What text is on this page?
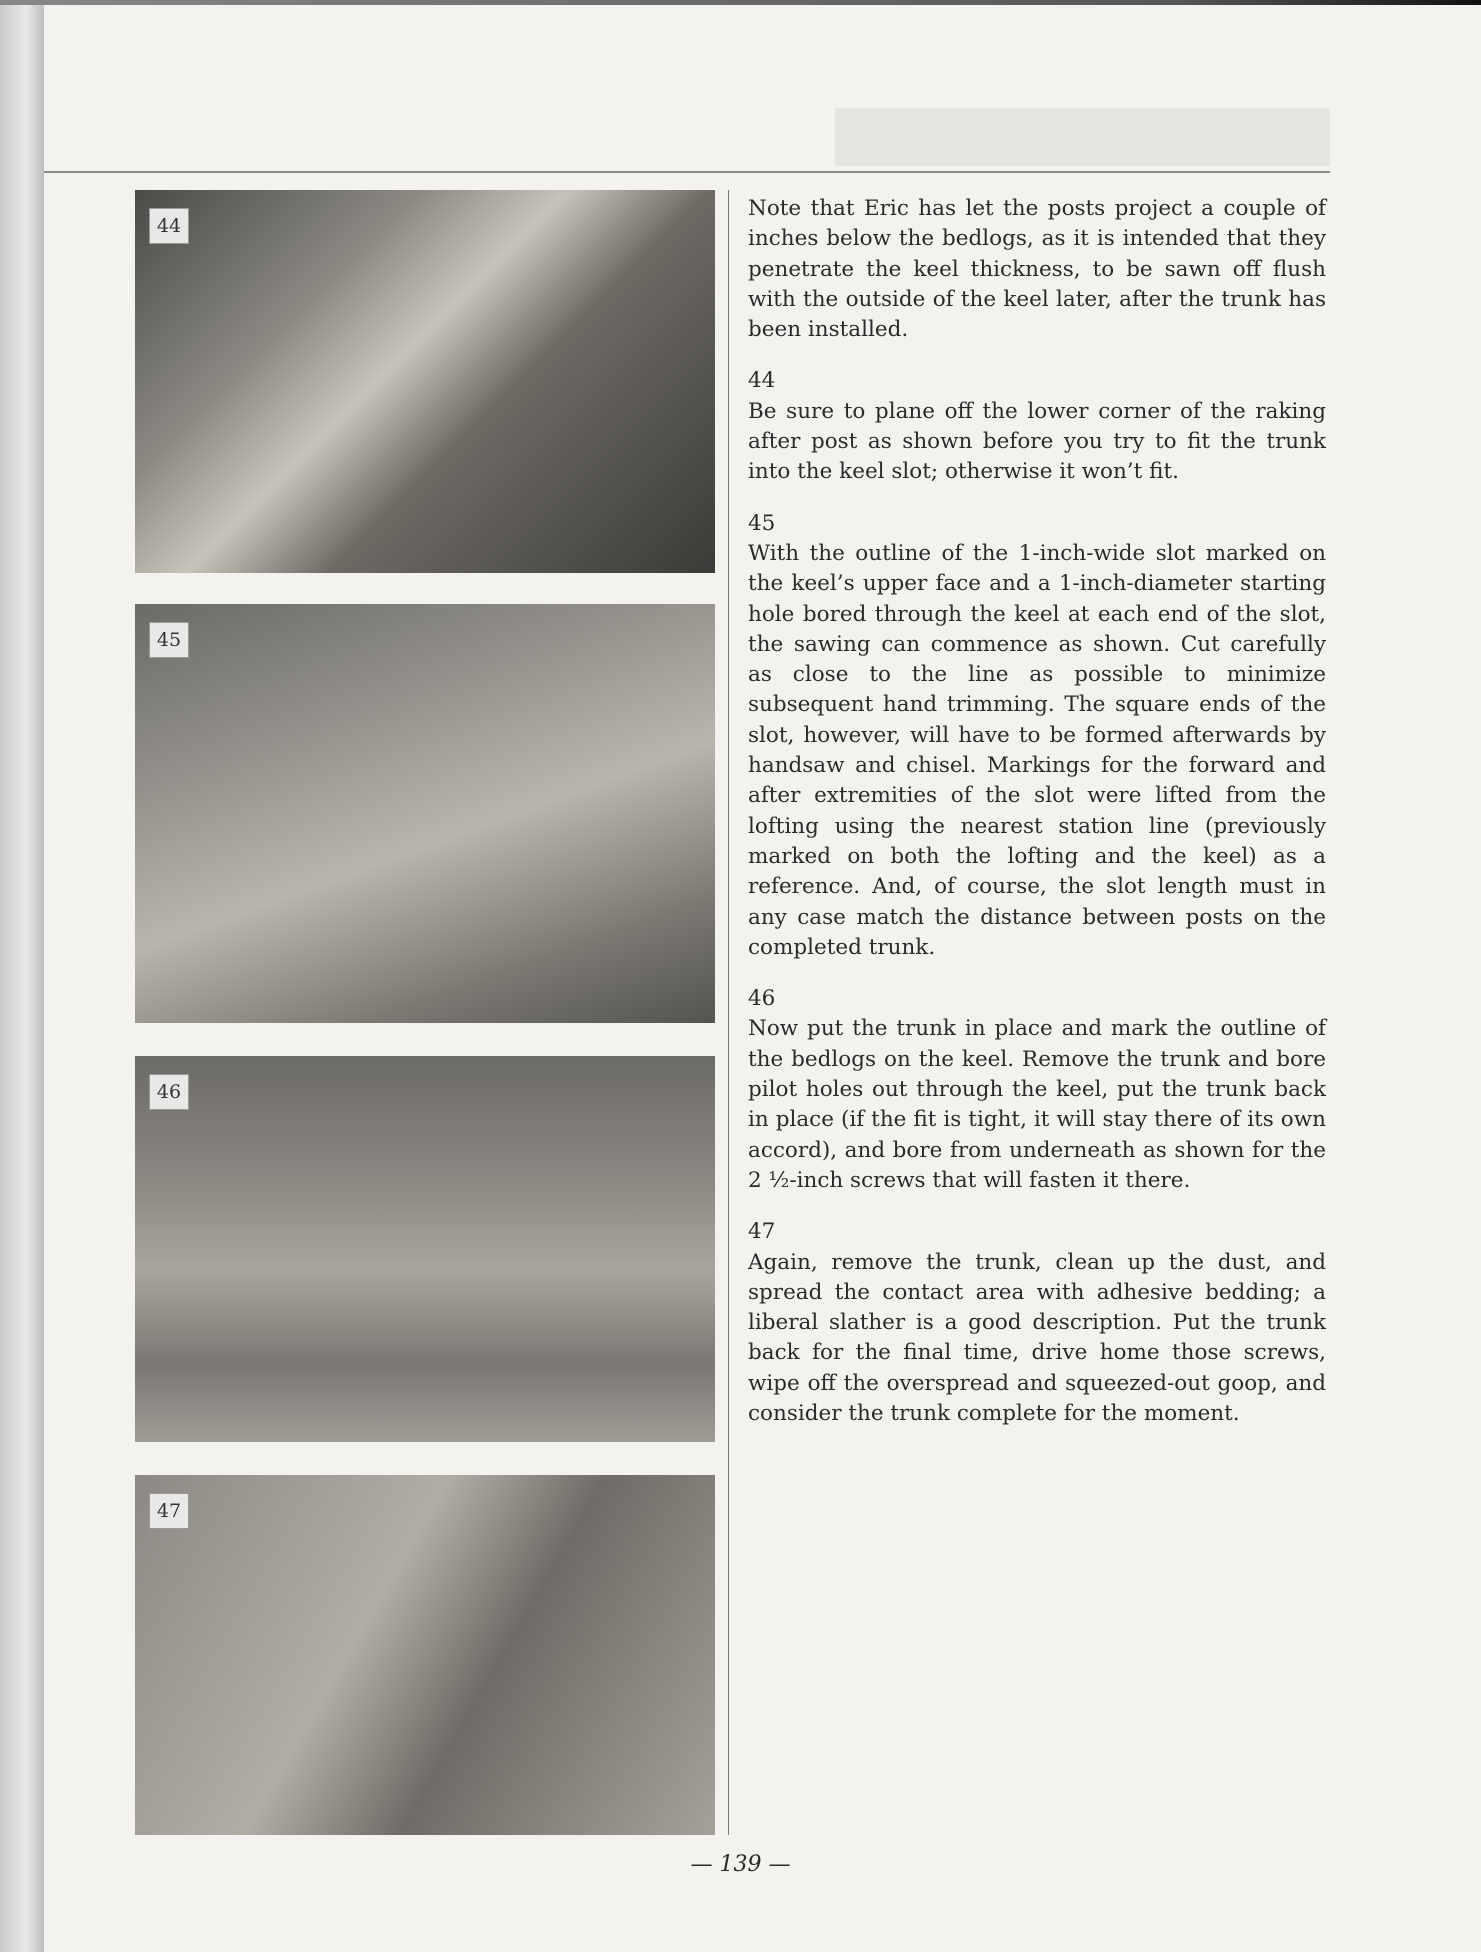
44
45
46
47

Note that Eric has let the posts project a couple of inches below the bedlogs, as it is intended that they penetrate the keel thickness, to be sawn off flush with the outside of the keel later, after the trunk has been installed.

44

Be sure to plane off the lower corner of the raking after post as shown before you try to fit the trunk into the keel slot; otherwise it won’t fit.

45

With the outline of the 1-inch-wide slot marked on the keel’s upper face and a 1-inch-diameter starting hole bored through the keel at each end of the slot, the sawing can commence as shown. Cut carefully as close to the line as possible to minimize subsequent hand trimming. The square ends of the slot, however, will have to be formed afterwards by handsaw and chisel. Markings for the forward and after extremities of the slot were lifted from the lofting using the nearest station line (previously marked on both the lofting and the keel) as a reference. And, of course, the slot length must in any case match the distance between posts on the completed trunk.

46

Now put the trunk in place and mark the outline of the bedlogs on the keel. Remove the trunk and bore pilot holes out through the keel, put the trunk back in place (if the fit is tight, it will stay there of its own accord), and bore from underneath as shown for the 2 ½-inch screws that will fasten it there.

47

Again, remove the trunk, clean up the dust, and spread the contact area with adhesive bedding; a liberal slather is a good description. Put the trunk back for the final time, drive home those screws, wipe off the overspread and squeezed-out goop, and consider the trunk complete for the moment.

— 139 —
